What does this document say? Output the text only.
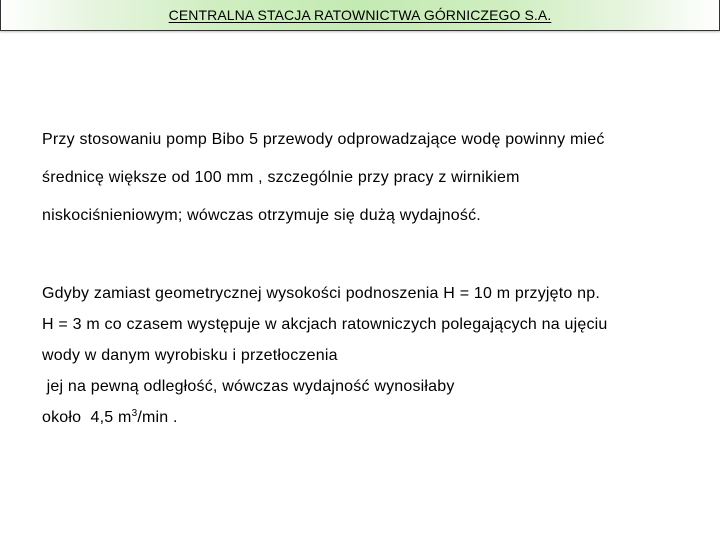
CENTRALNA STACJA RATOWNICTWA GÓRNICZEGO S.A.
Przy stosowaniu pomp Bibo 5 przewody odprowadzające wodę powinny mieć
średnicę większe od 100 mm , szczególnie przy pracy z wirnikiem
niskociśnieniowym; wówczas otrzymuje się dużą wydajność.
Gdyby zamiast geometrycznej wysokości podnoszenia H = 10 m przyjęto np.
H = 3 m co czasem występuje w akcjach ratowniczych polegających na ujęciu
wody w danym wyrobisku i przetłoczenia
jej na pewną odległość, wówczas wydajność wynosiłaby
około  4,5 $m^3/\min$ .
